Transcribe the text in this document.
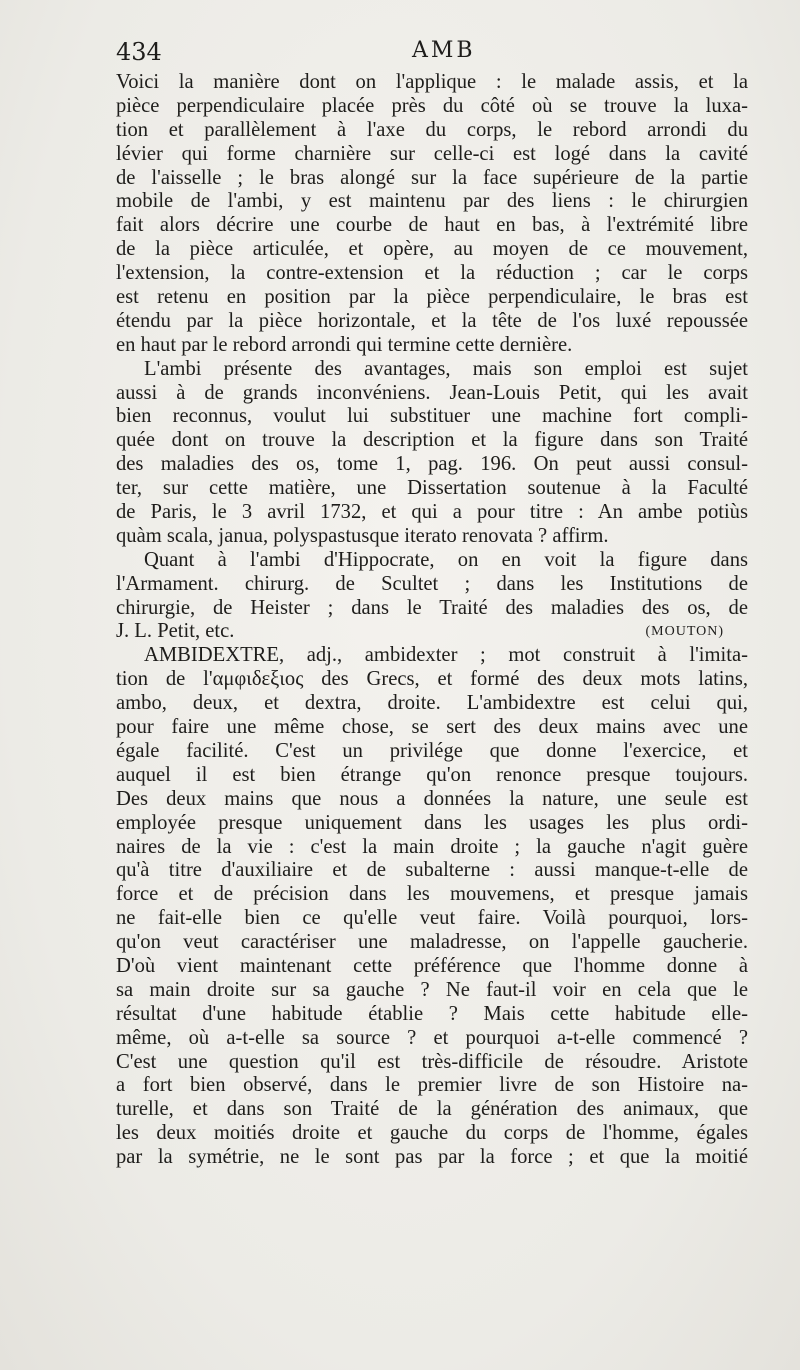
434	AMB
Voici la manière dont on l'applique : le malade assis, et la
pièce perpendiculaire placée près du côté où se trouve la luxa-
tion et parallèlement à l'axe du corps, le rebord arrondi du
lévier qui forme charnière sur celle-ci est logé dans la cavité
de l'aisselle ; le bras alongé sur la face supérieure de la partie
mobile de l'ambi, y est maintenu par des liens : le chirurgien
fait alors décrire une courbe de haut en bas, à l'extrémité libre
de la pièce articulée, et opère, au moyen de ce mouvement,
l'extension, la contre-extension et la réduction ; car le corps
est retenu en position par la pièce perpendiculaire, le bras est
étendu par la pièce horizontale, et la tête de l'os luxé repoussée
en haut par le rebord arrondi qui termine cette dernière.
L'ambi présente des avantages, mais son emploi est sujet
aussi à de grands inconvéniens. Jean-Louis Petit, qui les avait
bien reconnus, voulut lui substituer une machine fort compli-
quée dont on trouve la description et la figure dans son Traité
des maladies des os, tome 1, pag. 196. On peut aussi consul-
ter, sur cette matière, une Dissertation soutenue à la Faculté
de Paris, le 3 avril 1732, et qui a pour titre : An ambe potiùs
quàm scala, janua, polyspastusque iterato renovata ? affirm.
Quant à l'ambi d'Hippocrate, on en voit la figure dans
l'Armament. chirurg. de Scultet ; dans les Institutions de
chirurgie, de Heister ; dans le Traité des maladies des os, de
J. L. Petit, etc.	(MOUTON)
AMBIDEXTRE, adj., ambidexter ; mot construit à l'imita-
tion de l'αμφιδεξιος des Grecs, et formé des deux mots latins,
ambo, deux, et dextra, droite. L'ambidextre est celui qui,
pour faire une même chose, se sert des deux mains avec une
égale facilité. C'est un privilége que donne l'exercice, et
auquel il est bien étrange qu'on renonce presque toujours.
Des deux mains que nous a données la nature, une seule est
employée presque uniquement dans les usages les plus ordi-
naires de la vie : c'est la main droite ; la gauche n'agit guère
qu'à titre d'auxiliaire et de subalterne : aussi manque-t-elle de
force et de précision dans les mouvemens, et presque jamais
ne fait-elle bien ce qu'elle veut faire. Voilà pourquoi, lors-
qu'on veut caractériser une maladresse, on l'appelle gaucherie.
D'où vient maintenant cette préférence que l'homme donne à
sa main droite sur sa gauche ? Ne faut-il voir en cela que le
résultat d'une habitude établie ? Mais cette habitude elle-
même, où a-t-elle sa source ? et pourquoi a-t-elle commencé ?
C'est une question qu'il est très-difficile de résoudre. Aristote
a fort bien observé, dans le premier livre de son Histoire na-
turelle, et dans son Traité de la génération des animaux, que
les deux moitiés droite et gauche du corps de l'homme, égales
par la symétrie, ne le sont pas par la force ; et que la moitié
